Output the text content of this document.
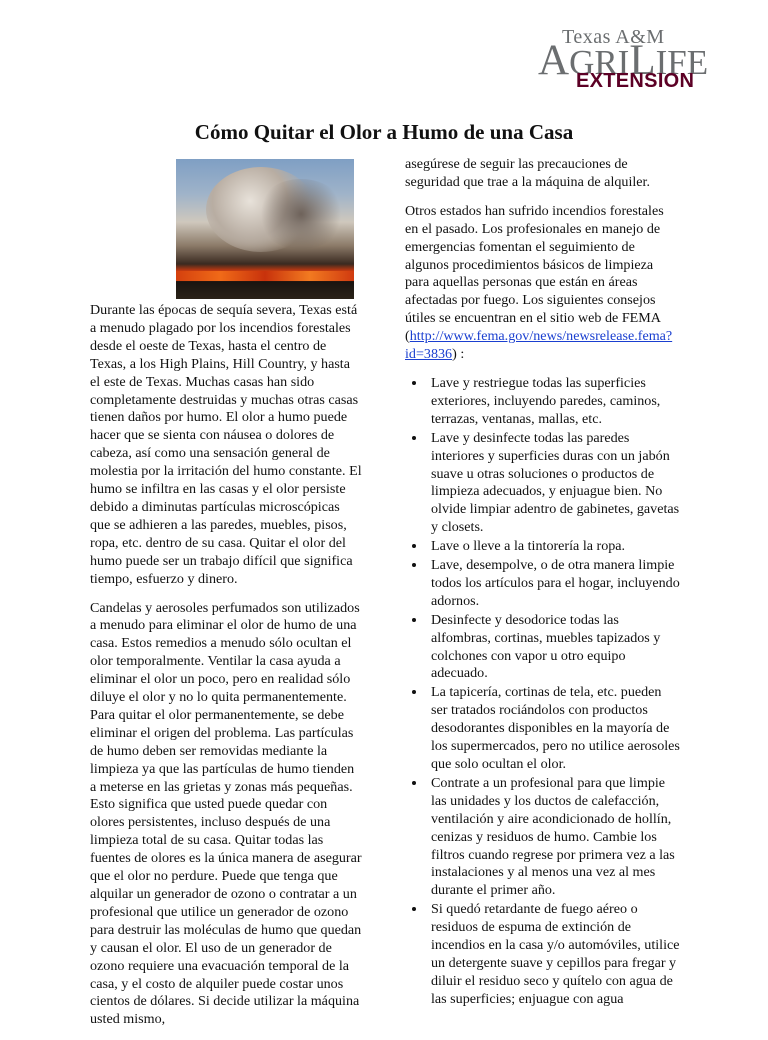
Texas A&M
AGRILIFE
EXTENSION
Cómo Quitar el Olor a Humo de una Casa

Durante las épocas de sequía severa, Texas está a menudo plagado por los incendios forestales desde el oeste de Texas, hasta el centro de Texas, a los High Plains, Hill Country, y hasta el este de Texas. Muchas casas han sido completamente destruidas y muchas otras casas tienen daños por humo. El olor a humo puede hacer que se sienta con náusea o dolores de cabeza, así como una sensación general de molestia por la irritación del humo constante. El humo se infiltra en las casas y el olor persiste debido a diminutas partículas microscópicas que se adhieren a las paredes, muebles, pisos, ropa, etc. dentro de su casa. Quitar el olor del humo puede ser un trabajo difícil que significa tiempo, esfuerzo y dinero.

Candelas y aerosoles perfumados son utilizados a menudo para eliminar el olor de humo de una casa. Estos remedios a menudo sólo ocultan el olor temporalmente. Ventilar la casa ayuda a eliminar el olor un poco, pero en realidad sólo diluye el olor y no lo quita permanentemente. Para quitar el olor permanentemente, se debe eliminar el origen del problema. Las partículas de humo deben ser removidas mediante la limpieza ya que las partículas de humo tienden a meterse en las grietas y zonas más pequeñas. Esto significa que usted puede quedar con olores persistentes, incluso después de una limpieza total de su casa. Quitar todas las fuentes de olores es la única manera de asegurar que el olor no perdure. Puede que tenga que alquilar un generador de ozono o contratar a un profesional que utilice un generador de ozono para destruir las moléculas de humo que quedan y causan el olor. El uso de un generador de ozono requiere una evacuación temporal de la casa, y el costo de alquiler puede costar unos cientos de dólares. Si decide utilizar la máquina usted mismo,

asegúrese de seguir las precauciones de seguridad que trae a la máquina de alquiler.

Otros estados han sufrido incendios forestales en el pasado. Los profesionales en manejo de emergencias fomentan el seguimiento de algunos procedimientos básicos de limpieza para aquellas personas que están en áreas afectadas por fuego. Los siguientes consejos útiles se encuentran en el sitio web de FEMA (http://www.fema.gov/news/newsrelease.fema?id=3836) :

• Lave y restriegue todas las superficies exteriores, incluyendo paredes, caminos, terrazas, ventanas, mallas, etc.
• Lave y desinfecte todas las paredes interiores y superficies duras con un jabón suave u otras soluciones o productos de limpieza adecuados, y enjuague bien. No olvide limpiar adentro de gabinetes, gavetas y closets.
• Lave o lleve a la tintorería la ropa.
• Lave, desempolve, o de otra manera limpie todos los artículos para el hogar, incluyendo adornos.
• Desinfecte y desodorice todas las alfombras, cortinas, muebles tapizados y colchones con vapor u otro equipo adecuado.
• La tapicería, cortinas de tela, etc. pueden ser tratados rociándolos con productos desodorantes disponibles en la mayoría de los supermercados, pero no utilice aerosoles que solo ocultan el olor.
• Contrate a un profesional para que limpie las unidades y los ductos de calefacción, ventilación y aire acondicionado de hollín, cenizas y residuos de humo. Cambie los filtros cuando regrese por primera vez a las instalaciones y al menos una vez al mes durante el primer año.
• Si quedó retardante de fuego aéreo o residuos de espuma de extinción de incendios en la casa y/o automóviles, utilice un detergente suave y cepillos para fregar y diluir el residuo seco y quítelo con agua de las superficies; enjuague con agua
